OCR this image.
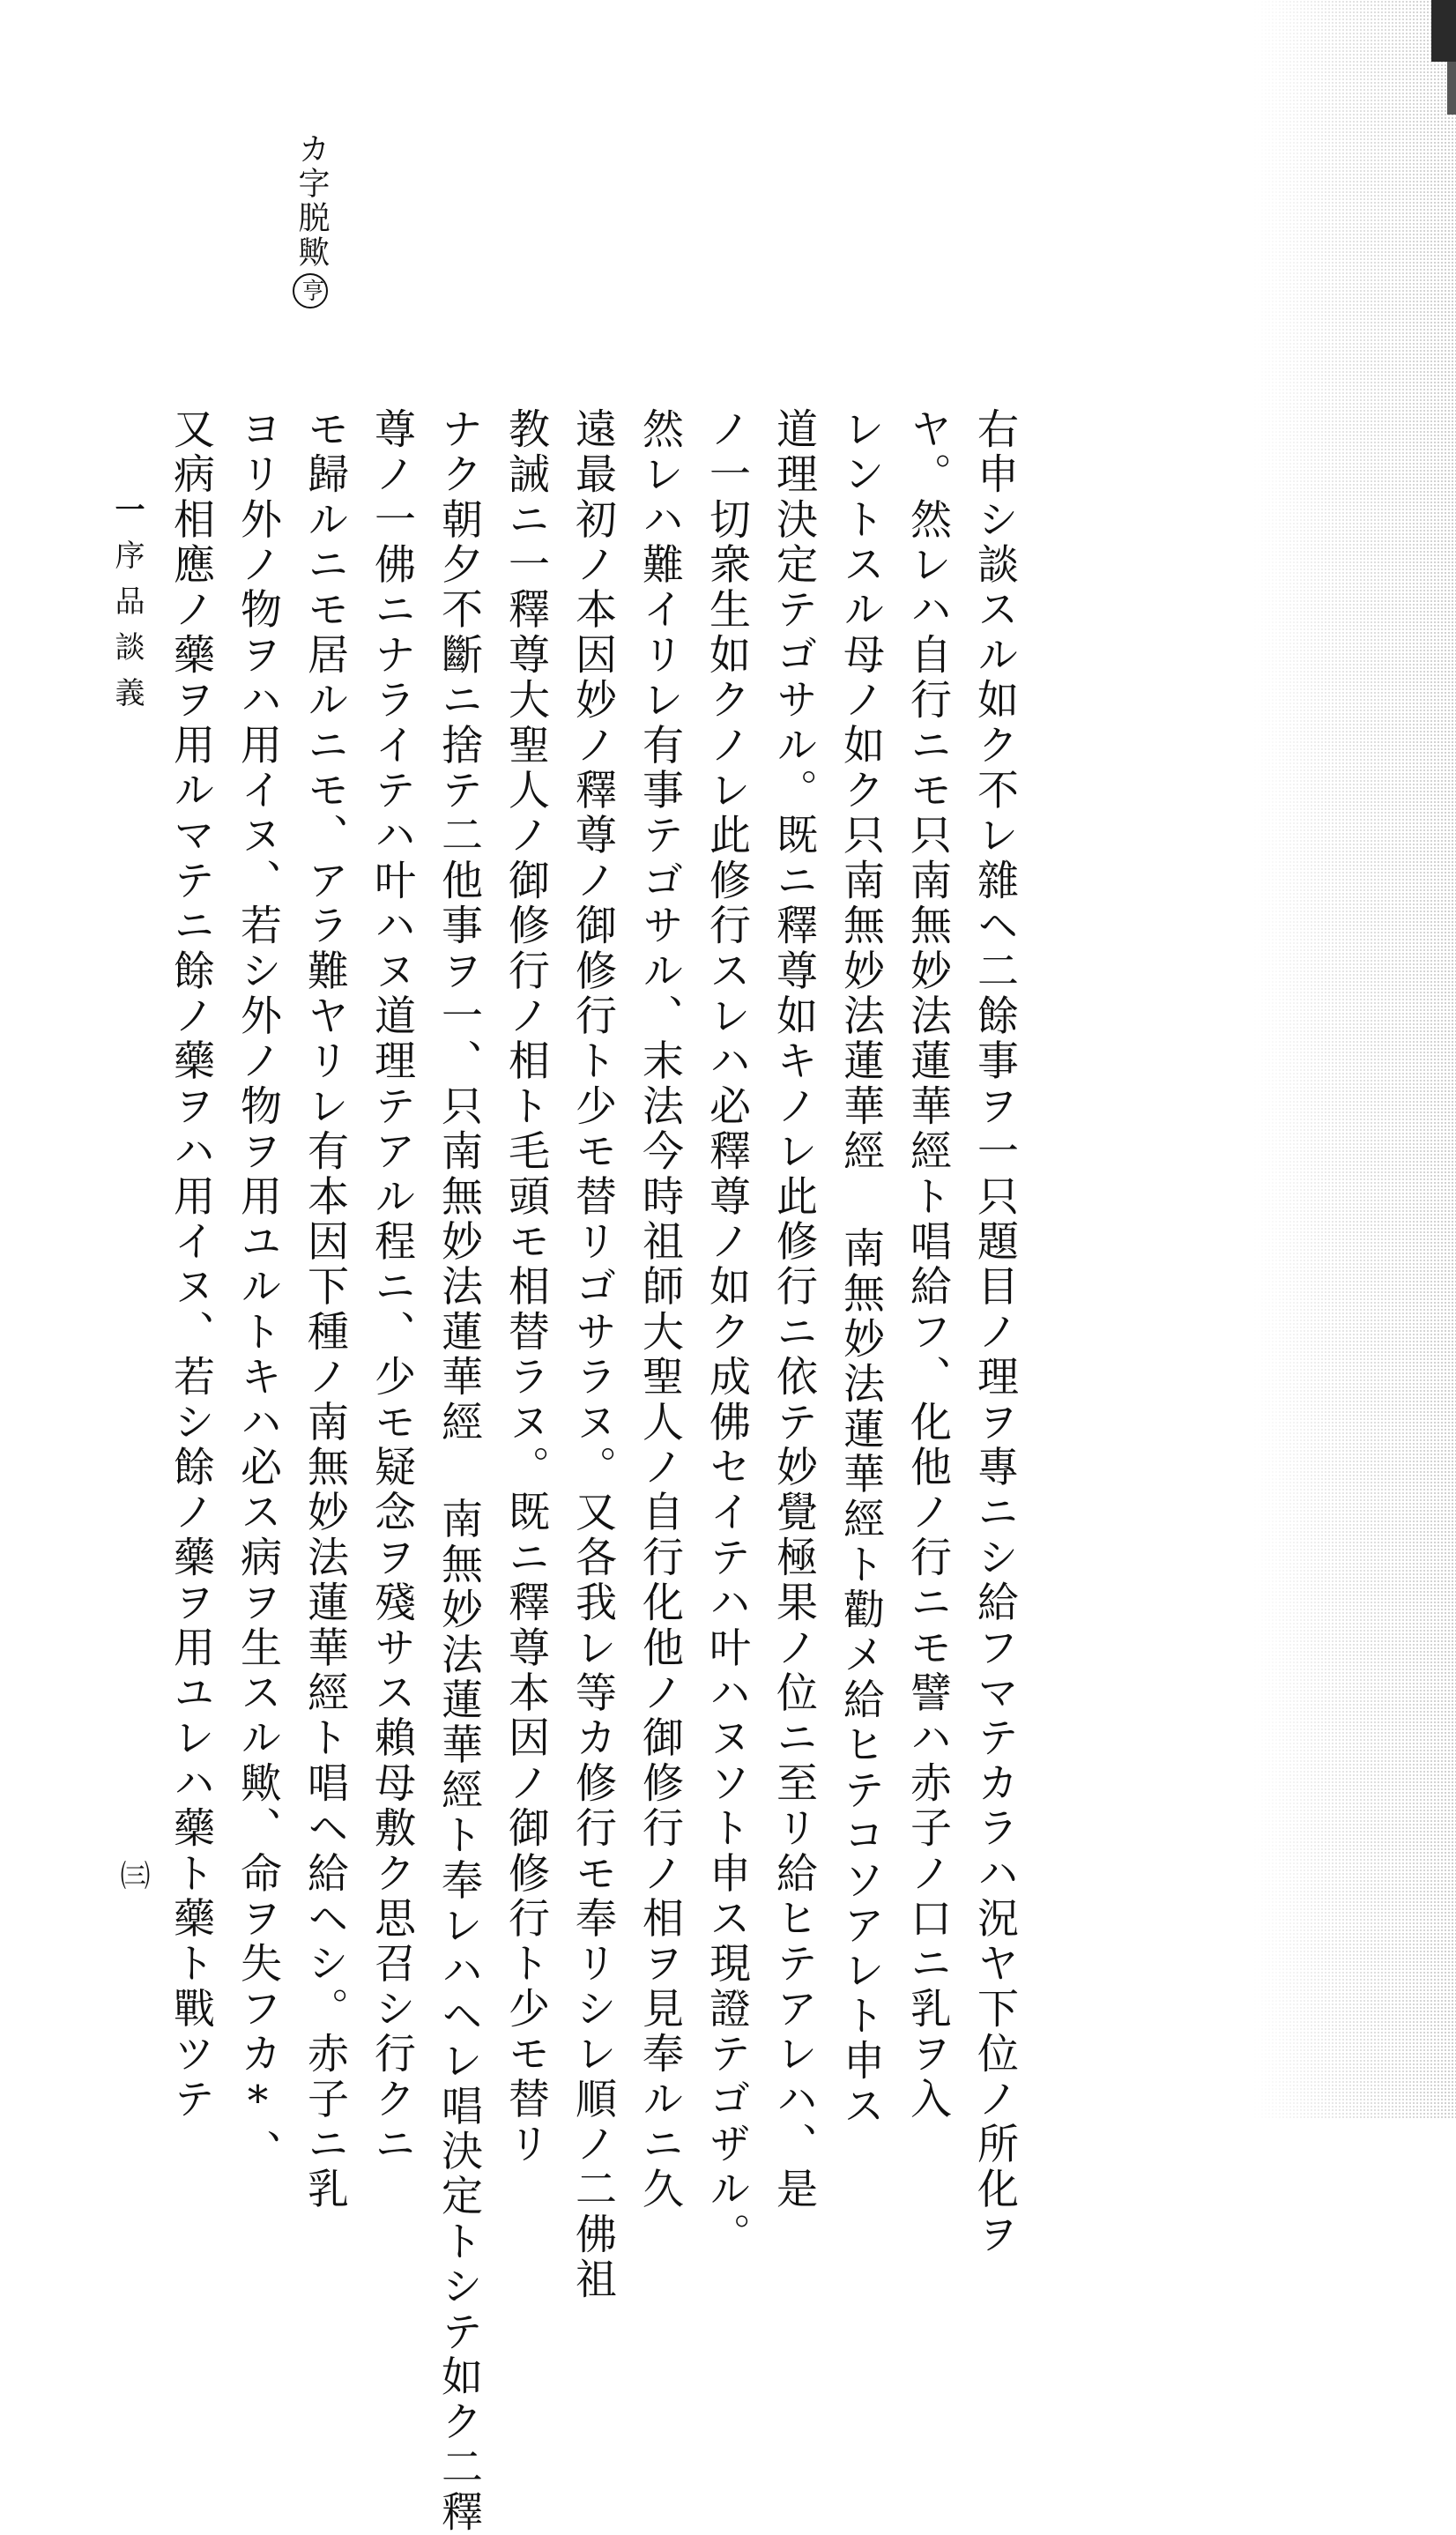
カ字脱歟亨
右申シ談スル如ク不レ雜ヘ二餘事ヲ一只題目ノ理ヲ專ニシ給フマテカラハ況ヤ下位ノ所化ヲ
ヤ。然レハ自行ニモ只南無妙法蓮華經ト唱給フ、化他ノ行ニモ譬ハ赤子ノ口ニ乳ヲ入
レントスル母ノ如ク只南無妙法蓮華經 南無妙法蓮華經ト勸メ給ヒテコソアレト申ス
道理決定テゴサル。既ニ釋尊如キノレ此修行ニ依テ妙覺極果ノ位ニ至リ給ヒテアレハ、是
ノ一切衆生如クノレ此修行スレハ必釋尊ノ如ク成佛セイテハ叶ハヌソト申ス現證テゴザル。
然レハ難イリレ有事テゴサル、末法今時祖師大聖人ノ自行化他ノ御修行ノ相ヲ見奉ルニ久
遠最初ノ本因妙ノ釋尊ノ御修行ト少モ替リゴサラヌ。又各我レ等カ修行モ奉リシレ順ノ二佛祖
教誡ニ一釋尊大聖人ノ御修行ノ相ト毛頭モ相替ラヌ。既ニ釋尊本因ノ御修行ト少モ替リ
ナク朝夕不斷ニ捨テ二他事ヲ一、只南無妙法蓮華經 南無妙法蓮華經ト奉レハヘレ唱決定トシテ如ク二釋
尊ノ一佛ニナライテハ叶ハヌ道理テアル程ニ、少モ疑念ヲ殘サス賴母敷ク思召シ行クニ
モ歸ルニモ居ルニモ、アラ難ヤリレ有本因下種ノ南無妙法蓮華經ト唱ヘ給ヘシ。赤子ニ乳
ヨリ外ノ物ヲハ用イヌ、若シ外ノ物ヲ用ユルトキハ必ス病ヲ生スル歟、命ヲ失フカ*、
又病相應ノ藥ヲ用ルマテニ餘ノ藥ヲハ用イヌ、若シ餘ノ藥ヲ用ユレハ藥ト藥ト戰ツテ
一序品談義
㈢
